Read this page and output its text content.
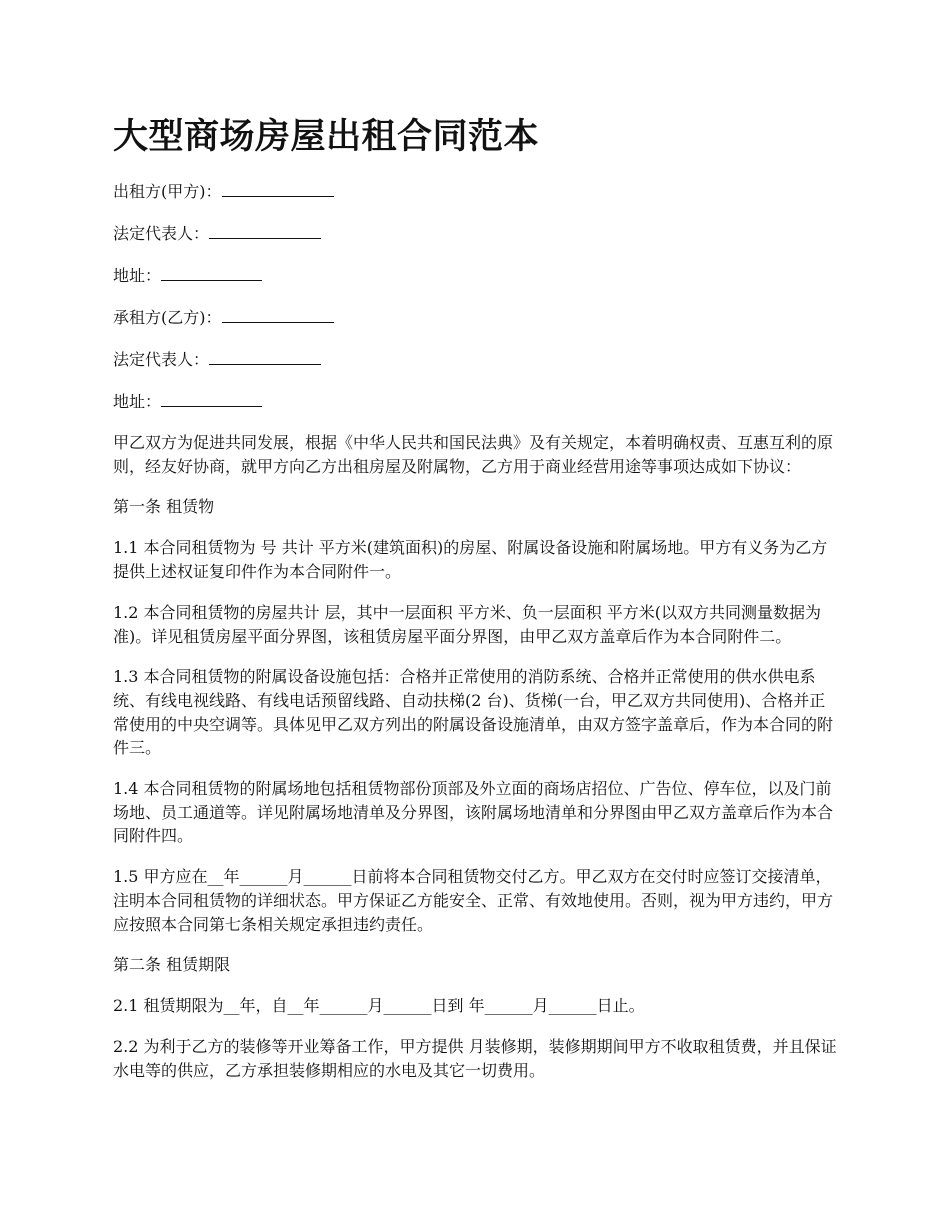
大型商场房屋出租合同范本
出租方(甲方)：
法定代表人：
地址：
承租方(乙方)：
法定代表人：
地址：

甲乙双方为促进共同发展，根据《中华人民共和国民法典》及有关规定，本着明确权责、互惠互利的原则，经友好协商，就甲方向乙方出租房屋及附属物，乙方用于商业经营用途等事项达成如下协议：

第一条 租赁物

1.1 本合同租赁物为 号 共计 平方米(建筑面积)的房屋、附属设备设施和附属场地。甲方有义务为乙方提供上述权证复印件作为本合同附件一。

1.2 本合同租赁物的房屋共计 层，其中一层面积 平方米、负一层面积 平方米(以双方共同测量数据为准)。详见租赁房屋平面分界图，该租赁房屋平面分界图，由甲乙双方盖章后作为本合同附件二。

1.3 本合同租赁物的附属设备设施包括：合格并正常使用的消防系统、合格并正常使用的供水供电系统、有线电视线路、有线电话预留线路、自动扶梯(2 台)、货梯(一台，甲乙双方共同使用)、合格并正常使用的中央空调等。具体见甲乙双方列出的附属设备设施清单，由双方签字盖章后，作为本合同的附件三。

1.4 本合同租赁物的附属场地包括租赁物部份顶部及外立面的商场店招位、广告位、停车位，以及门前场地、员工通道等。详见附属场地清单及分界图，该附属场地清单和分界图由甲乙双方盖章后作为本合同附件四。

1.5 甲方应在__年______月______日前将本合同租赁物交付乙方。甲乙双方在交付时应签订交接清单，注明本合同租赁物的详细状态。甲方保证乙方能安全、正常、有效地使用。否则，视为甲方违约，甲方应按照本合同第七条相关规定承担违约责任。

第二条 租赁期限

2.1 租赁期限为__年，自__年______月______日到 年______月______日止。

2.2 为利于乙方的装修等开业筹备工作，甲方提供 月装修期，装修期期间甲方不收取租赁费，并且保证水电等的供应，乙方承担装修期相应的水电及其它一切费用。
